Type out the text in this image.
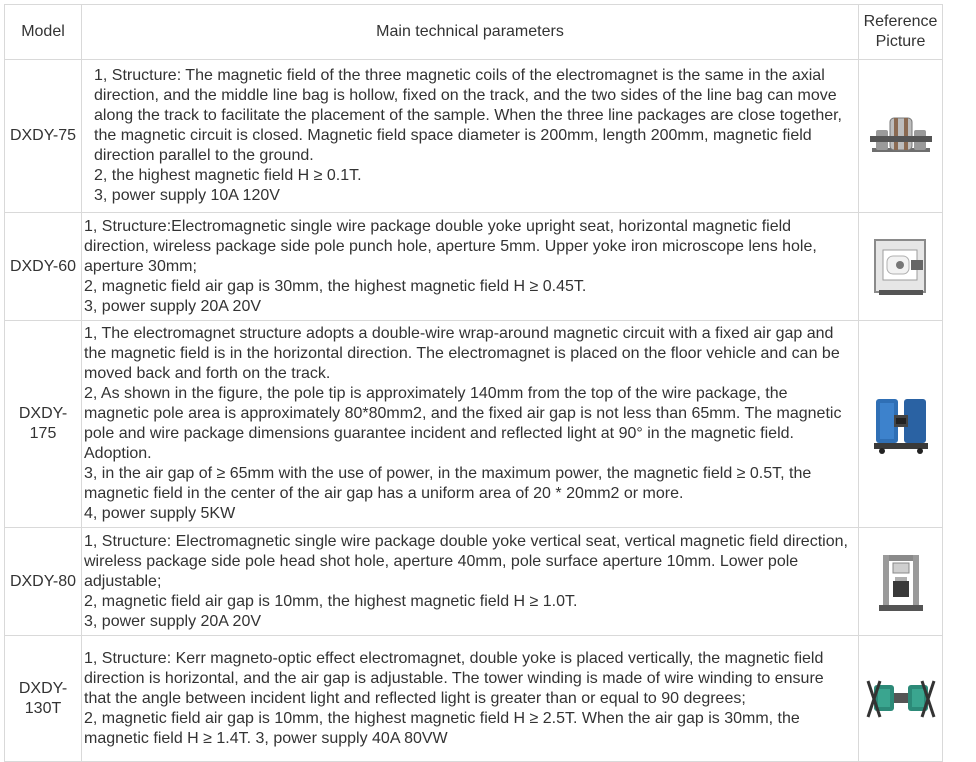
Model	Main technical parameters	Reference Picture
DXDY-75	1, Structure: The magnetic field of the three magnetic coils of the electromagnet is the same in the axial direction, and the middle line bag is hollow, fixed on the track, and the two sides of the line bag can move along the track to facilitate the placement of the sample. When the three line packages are close together, the magnetic circuit is closed. Magnetic field space diameter is 200mm, length 200mm, magnetic field direction parallel to the ground.
2, the highest magnetic field H ≥ 0.1T.
3, power supply 10A 120V

DXDY-60	1, Structure:Electromagnetic single wire package double yoke upright seat, horizontal magnetic field direction, wireless package side pole punch hole, aperture 5mm. Upper yoke iron microscope lens hole, aperture 30mm;
2, magnetic field air gap is 30mm, the highest magnetic field H ≥ 0.45T.
3, power supply 20A 20V

DXDY-175	1, The electromagnet structure adopts a double-wire wrap-around magnetic circuit with a fixed air gap and the magnetic field is in the horizontal direction. The electromagnet is placed on the floor vehicle and can be moved back and forth on the track.
2, As shown in the figure, the pole tip is approximately 140mm from the top of the wire package, the magnetic pole area is approximately 80*80mm2, and the fixed air gap is not less than 65mm. The magnetic pole and wire package dimensions guarantee incident and reflected light at 90° in the magnetic field. Adoption.
3, in the air gap of ≥ 65mm with the use of power, in the maximum power, the magnetic field ≥ 0.5T, the magnetic field in the center of the air gap has a uniform area of 20 * 20mm2 or more.
4, power supply 5KW

DXDY-80	1, Structure: Electromagnetic single wire package double yoke vertical seat, vertical magnetic field direction, wireless package side pole head shot hole, aperture 40mm, pole surface aperture 10mm. Lower pole adjustable;
2, magnetic field air gap is 10mm, the highest magnetic field H ≥ 1.0T.
3, power supply 20A 20V

DXDY-130T	1, Structure: Kerr magneto-optic effect electromagnet, double yoke is placed vertically, the magnetic field direction is horizontal, and the air gap is adjustable. The tower winding is made of wire winding to ensure that the angle between incident light and reflected light is greater than or equal to 90 degrees;
2, magnetic field air gap is 10mm, the highest magnetic field H ≥ 2.5T. When the air gap is 30mm, the magnetic field H ≥ 1.4T. 3, power supply 40A 80VW
